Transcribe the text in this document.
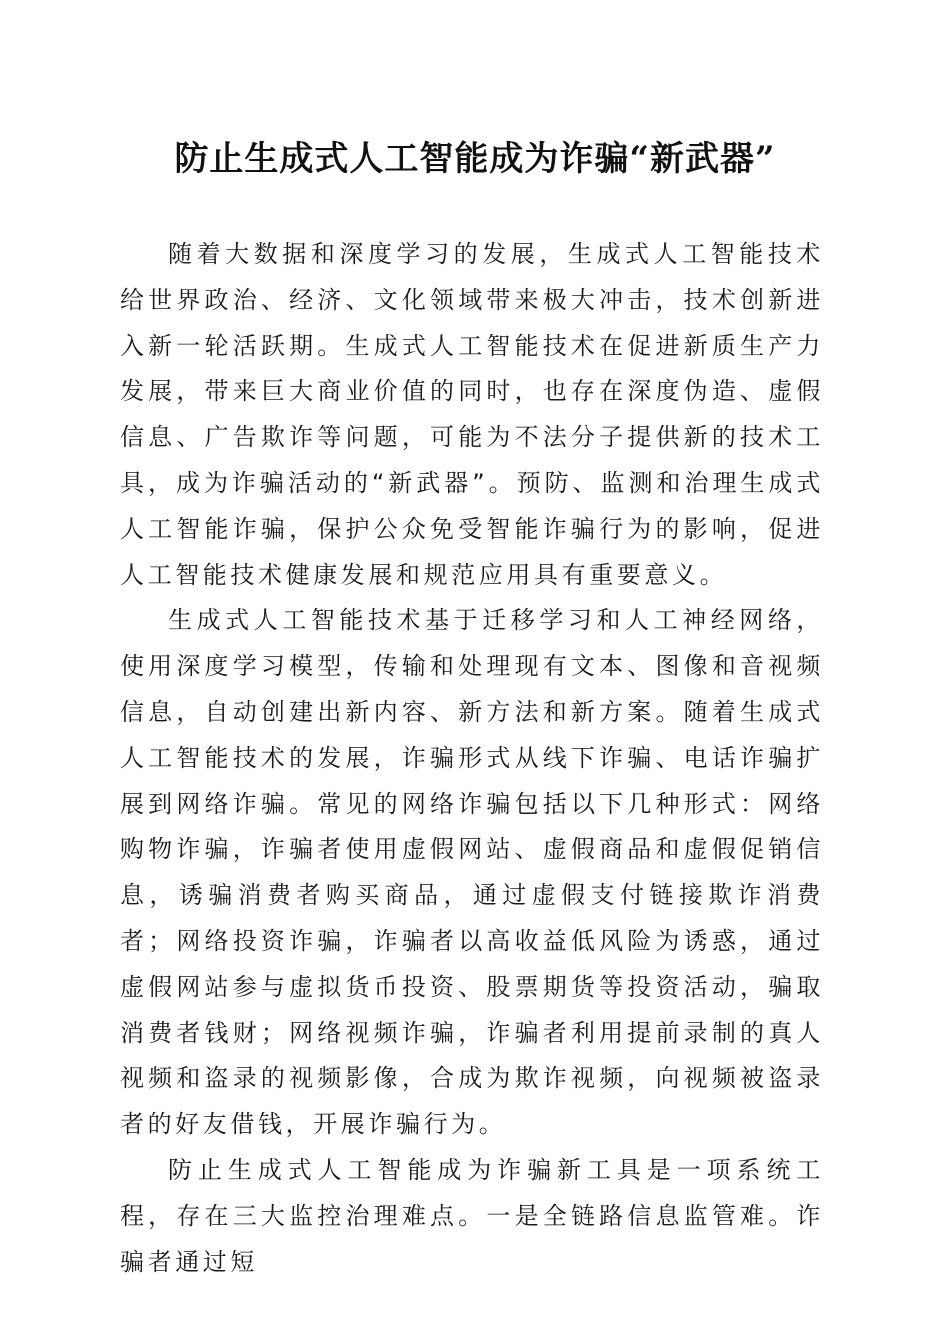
防止生成式人工智能成为诈骗“新武器”

随着大数据和深度学习的发展，生成式人工智能技术给世界政治、经济、文化领域带来极大冲击，技术创新进入新一轮活跃期。生成式人工智能技术在促进新质生产力发展，带来巨大商业价值的同时，也存在深度伪造、虚假信息、广告欺诈等问题，可能为不法分子提供新的技术工具，成为诈骗活动的“新武器”。预防、监测和治理生成式人工智能诈骗，保护公众免受智能诈骗行为的影响，促进人工智能技术健康发展和规范应用具有重要意义。

生成式人工智能技术基于迁移学习和人工神经网络，使用深度学习模型，传输和处理现有文本、图像和音视频信息，自动创建出新内容、新方法和新方案。随着生成式人工智能技术的发展，诈骗形式从线下诈骗、电话诈骗扩展到网络诈骗。常见的网络诈骗包括以下几种形式：网络购物诈骗，诈骗者使用虚假网站、虚假商品和虚假促销信息，诱骗消费者购买商品，通过虚假支付链接欺诈消费者；网络投资诈骗，诈骗者以高收益低风险为诱惑，通过虚假网站参与虚拟货币投资、股票期货等投资活动，骗取消费者钱财；网络视频诈骗，诈骗者利用提前录制的真人视频和盗录的视频影像，合成为欺诈视频，向视频被盗录者的好友借钱，开展诈骗行为。

防止生成式人工智能成为诈骗新工具是一项系统工程，存在三大监控治理难点。一是全链路信息监管难。诈骗者通过短
